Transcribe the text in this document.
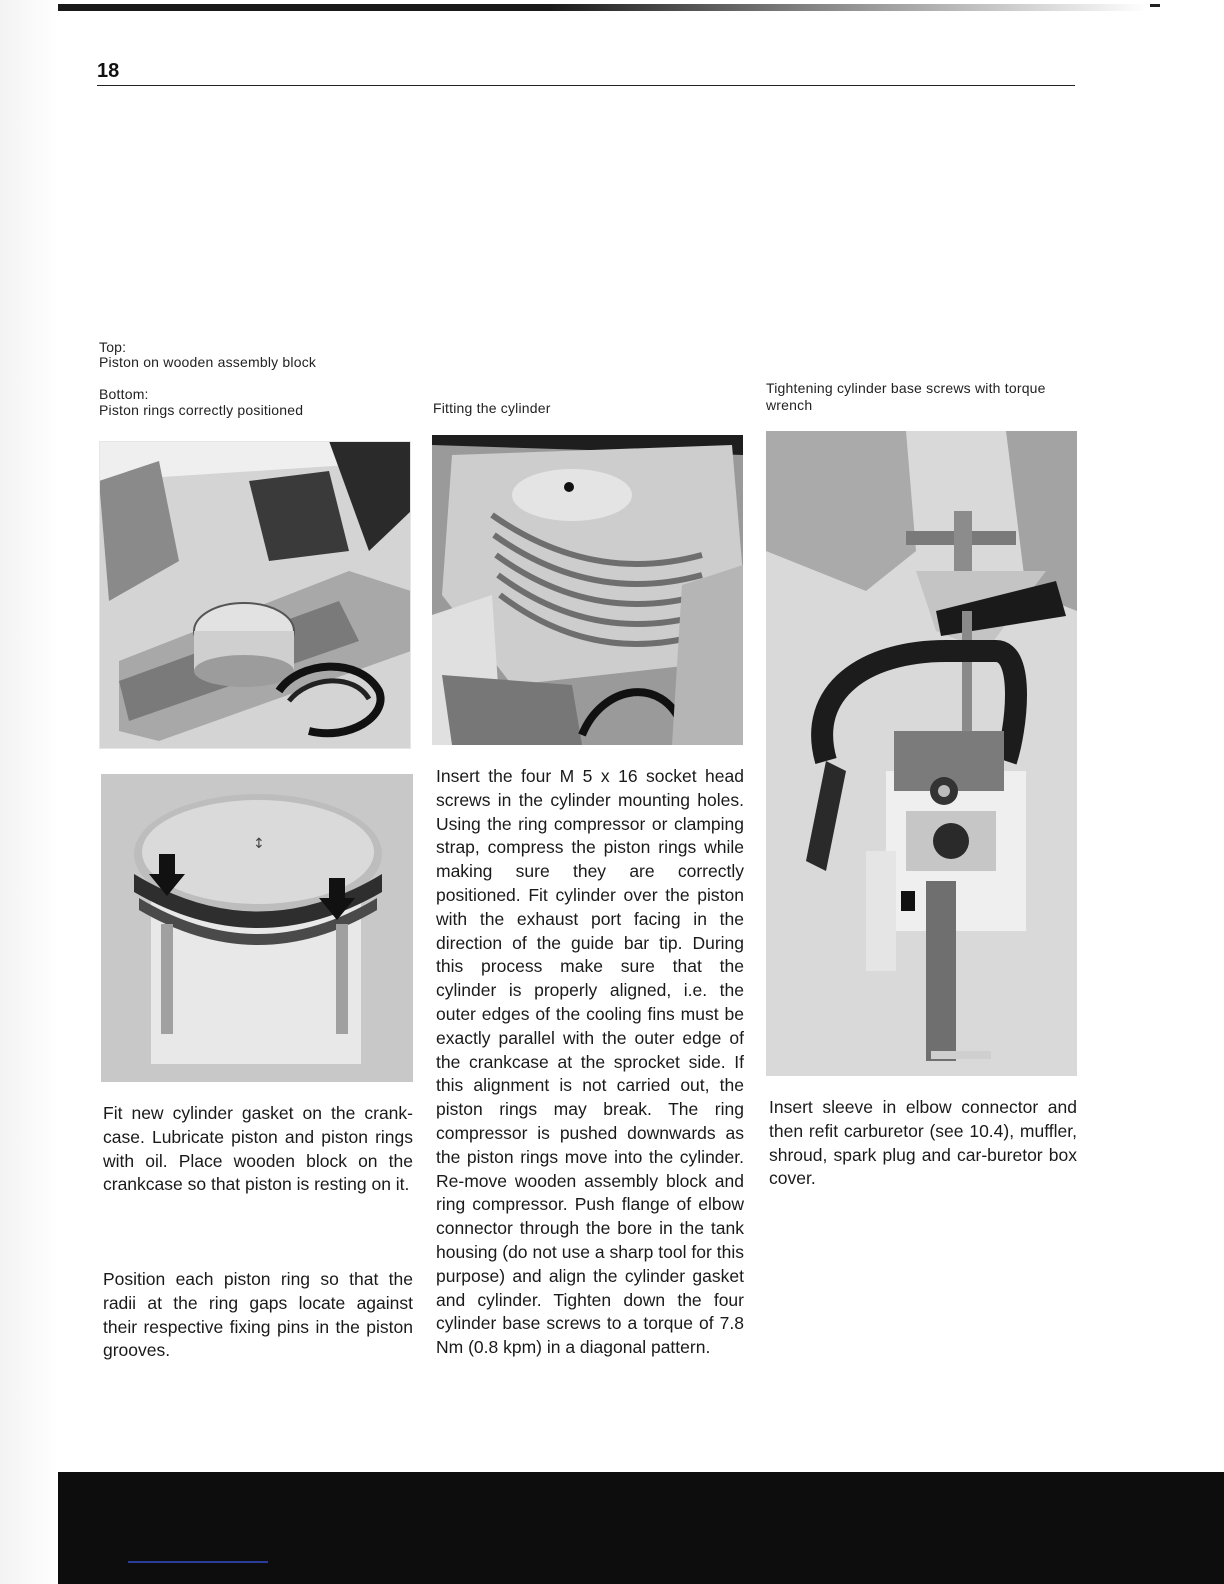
18
Top:
Piston on wooden assembly block
Bottom:
Piston rings correctly positioned	Fitting the cylinder
Tightening cylinder base screws with torque wrench
↕

Fit new cylinder gasket on the crank-case. Lubricate piston and piston rings with oil. Place wooden block on the crankcase so that piston is resting on it.

Position each piston ring so that the radii at the ring gaps locate against their respective fixing pins in the piston grooves.

Insert the four M 5 x 16 socket head screws in the cylinder mounting holes. Using the ring compressor or clamping strap, compress the piston rings while making sure they are correctly positioned. Fit cylinder over the piston with the exhaust port facing in the direction of the guide bar tip. During this process make sure that the cylinder is properly aligned, i.e. the outer edges of the cooling fins must be exactly parallel with the outer edge of the crankcase at the sprocket side. If this alignment is not carried out, the piston rings may break. The ring compressor is pushed downwards as the piston rings move into the cylinder. Re-move wooden assembly block and ring compressor. Push flange of elbow connector through the bore in the tank housing (do not use a sharp tool for this purpose) and align the cylinder gasket and cylinder. Tighten down the four cylinder base screws to a torque of 7.8 Nm (0.8 kpm) in a diagonal pattern.

Insert sleeve in elbow connector and then refit carburetor (see 10.4), muffler, shroud, spark plug and car-buretor box cover.
